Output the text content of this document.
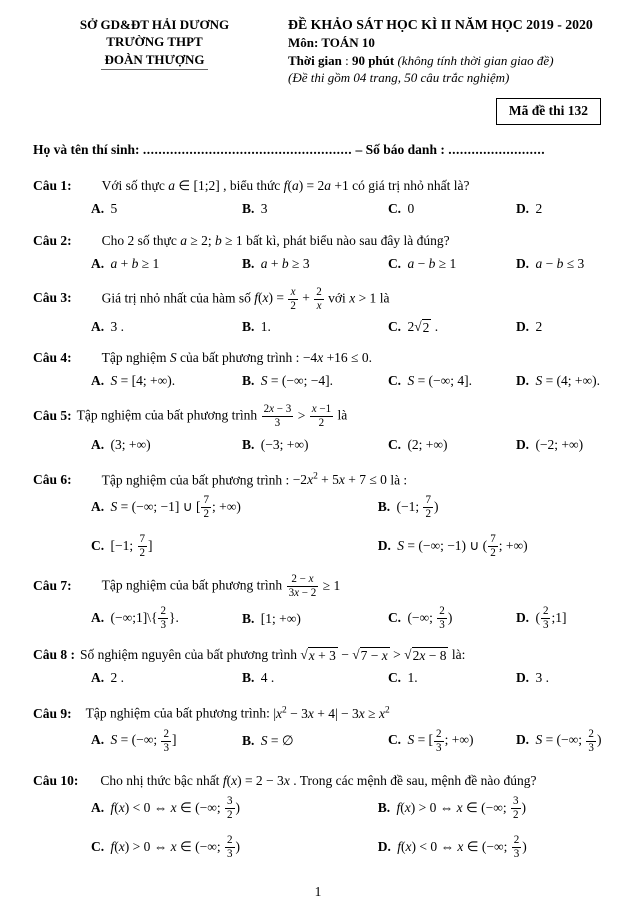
SỞ GD&ĐT HẢI DƯƠNG
TRƯỜNG THPT
ĐOÀN THƯỢNG
ĐỀ KHẢO SÁT HỌC KÌ II NĂM HỌC 2019 - 2020
Môn: TOÁN 10
Thời gian : 90 phút (không tính thời gian giao đề)
(Đề thi gồm 04 trang, 50 câu trắc nghiệm)
Mã đề thi 132
Họ và tên thí sinh: ...................................................... – Số báo danh : .........................
Câu 1: Với số thực a ∈ [1;2] , biểu thức f(a) = 2a +1 có giá trị nhỏ nhất là?
A. 5	B. 3	C. 0	D. 2
Câu 2: Cho 2 số thực a ≥ 2; b ≥ 1 bất kì, phát biểu nào sau đây là đúng?
A. a + b ≥ 1	B. a + b ≥ 3	C. a − b ≥ 1	D. a − b ≤ 3
Câu 3: Giá trị nhỏ nhất của hàm số $f(x) = \frac{x}{2} + \frac{2}{x}$ với x > 1 là
A. 3 .	B. 1.	C. 2 √ 2 .	D. 2
Câu 4: Tập nghiệm S của bất phương trình : −4x +16 ≤ 0.
A. S = [4; +∞).	B. S = (−∞; −4].	C. S = (−∞; 4].	D. S = (4; +∞).
Câu 5: Tập nghiệm của bất phương trình $\frac{2x - 3}{3} > \frac{x -1}{2}$ là
A. (3; +∞)	B. (−3; +∞)	C. (2; +∞)	D. (−2; +∞)
Câu 6: Tập nghiệm của bất phương trình : $-2x^2 + 5x + 7 \le 0$ là :
A. S = (−∞; −1] ∪ [ $\frac{7}{2}$ ; +∞)	B. (−1; $\frac{7}{2}$ )
C. [−1; $\frac{7}{2}$ ]	D. S = (−∞; −1) ∪ ( $\frac{7}{2}$ ; +∞)
Câu 7: Tập nghiệm của bất phương trình $\frac{2 - x}{3x - 2} \ge 1$
A. (−∞;1]\{ $\frac{2}{3}$ }.	B. [1; +∞)	C. (−∞; $\frac{2}{3}$ )	D. ( $\frac{2}{3}$ ;1]
Câu 8 : Số nghiệm nguyên của bất phương trình √ x + 3 − √ 7 − x > √ 2x − 8 là:
A. 2 .	B. 4 .	C. 1.	D. 3 .
Câu 9: Tập nghiệm của bất phương trình: $|x^2 - 3x + 4| - 3x \ge x^2$
A. S = (−∞; $\frac{2}{3}$ ]	B. S = ∅	C. S = [ $\frac{2}{3}$ ; +∞)	D. S = (−∞; $\frac{2}{3}$ )
Câu 10: Cho nhị thức bậc nhất f(x) = 2 − 3x . Trong các mệnh đề sau, mệnh đề nào đúng?
A. f(x) < 0 ⇔ x ∈ (−∞; $\frac{3}{2}$ )	B. f(x) > 0 ⇔ x ∈ (−∞; $\frac{3}{2}$ )
C. f(x) > 0 ⇔ x ∈ (−∞; $\frac{2}{3}$ )	D. f(x) < 0 ⇔ x ∈ (−∞; $\frac{2}{3}$ )
1
